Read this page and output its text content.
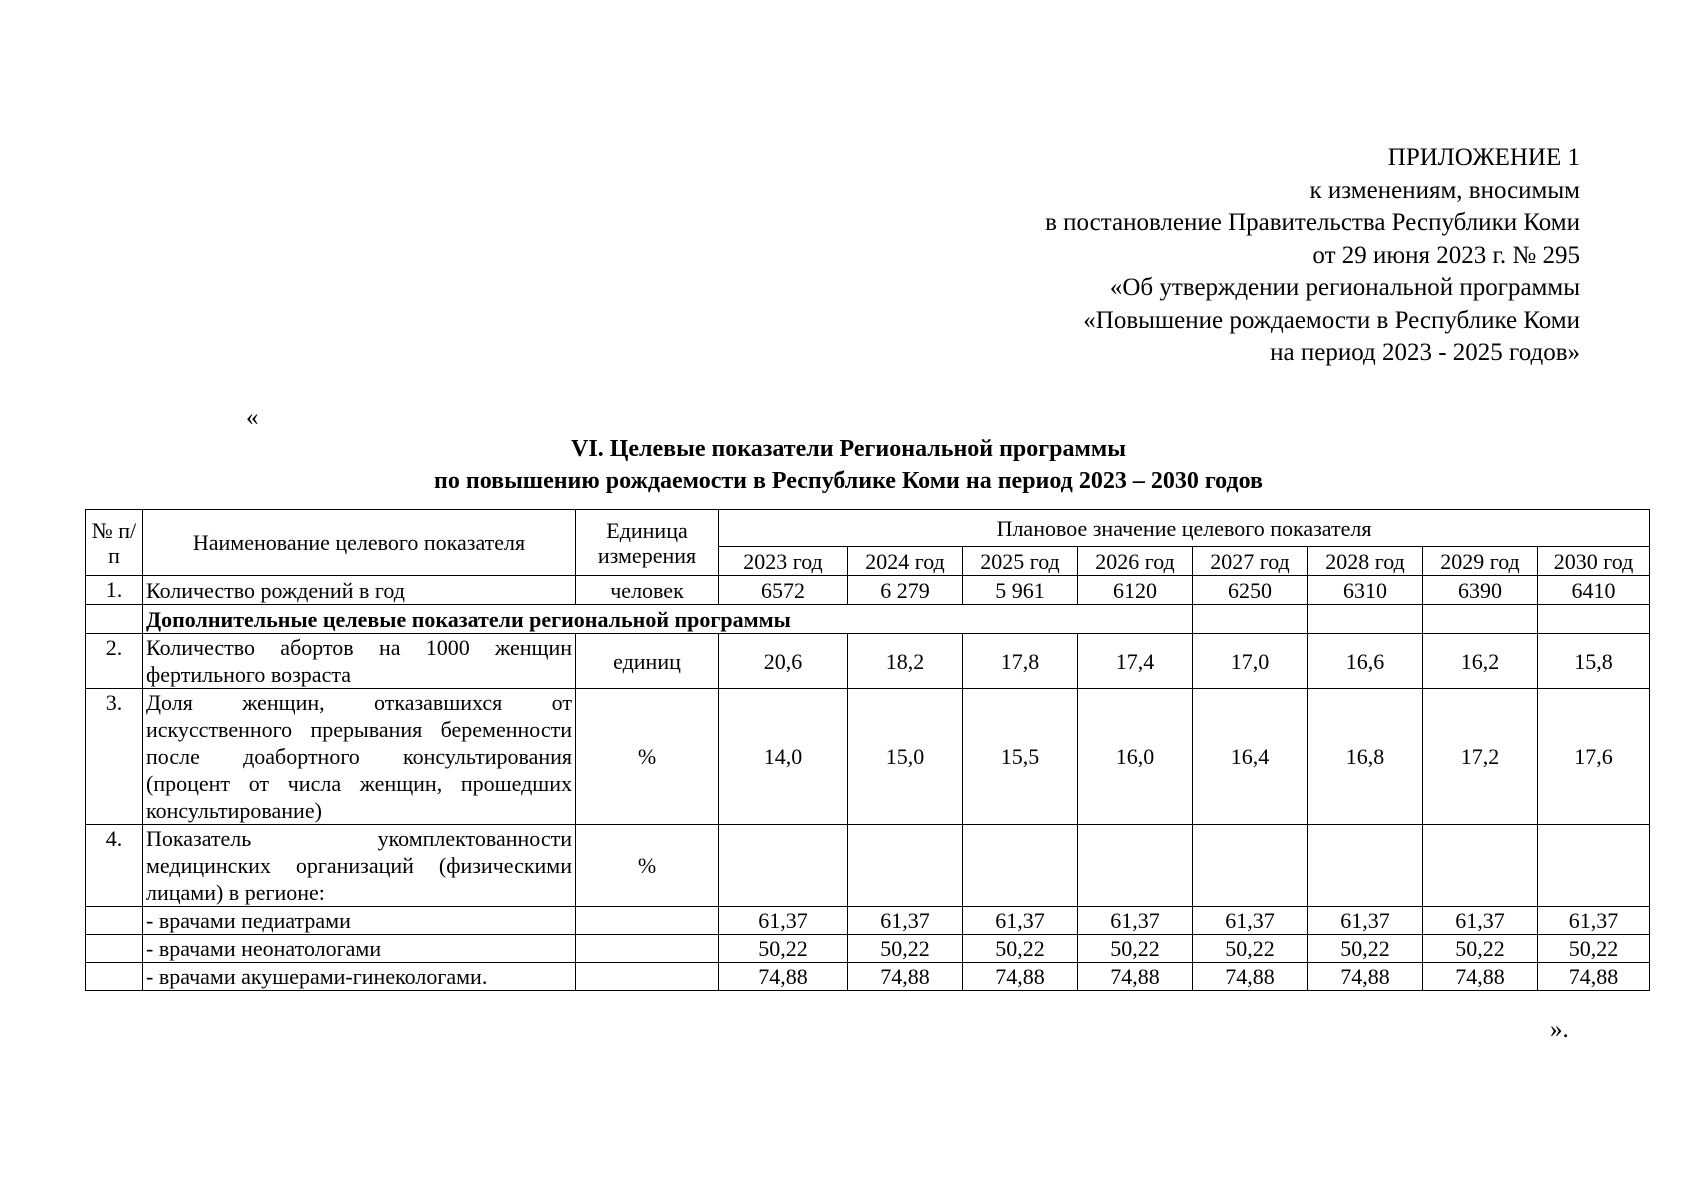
ПРИЛОЖЕНИЕ 1
к изменениям, вносимым
в постановление Правительства Республики Коми
от 29 июня 2023 г. № 295
«Об утверждении региональной программы
«Повышение рождаемости в Республике Коми
на период 2023 - 2025 годов»
«
VI. Целевые показатели Региональной программы
по повышению рождаемости в Республике Коми на период 2023 – 2030 годов
№ п/п	Наименование целевого показателя	Единица измерения	Плановое значение целевого показателя							
			2023 год	2024 год	2025 год	2026 год	2027 год	2028 год	2029 год	2030 год
1.	Количество рождений в год	человек	6572	6 279	5 961	6120	6250	6310	6390	6410
	Дополнительные целевые показатели региональной программы									
2.	Количество абортов на 1000 женщин фертильного возраста	единиц	20,6	18,2	17,8	17,4	17,0	16,6	16,2	15,8
3.	Доля женщин, отказавшихся от искусственного прерывания беременности после доабортного консультирования (процент от числа женщин, прошедших консультирование)	%	14,0	15,0	15,5	16,0	16,4	16,8	17,2	17,6
4.	Показатель укомплектованности медицинских организаций (физическими лицами) в регионе:	%								
	- врачами педиатрами		61,37	61,37	61,37	61,37	61,37	61,37	61,37	61,37
	- врачами неонатологами		50,22	50,22	50,22	50,22	50,22	50,22	50,22	50,22
	- врачами акушерами-гинекологами.		74,88	74,88	74,88	74,88	74,88	74,88	74,88	74,88
».
